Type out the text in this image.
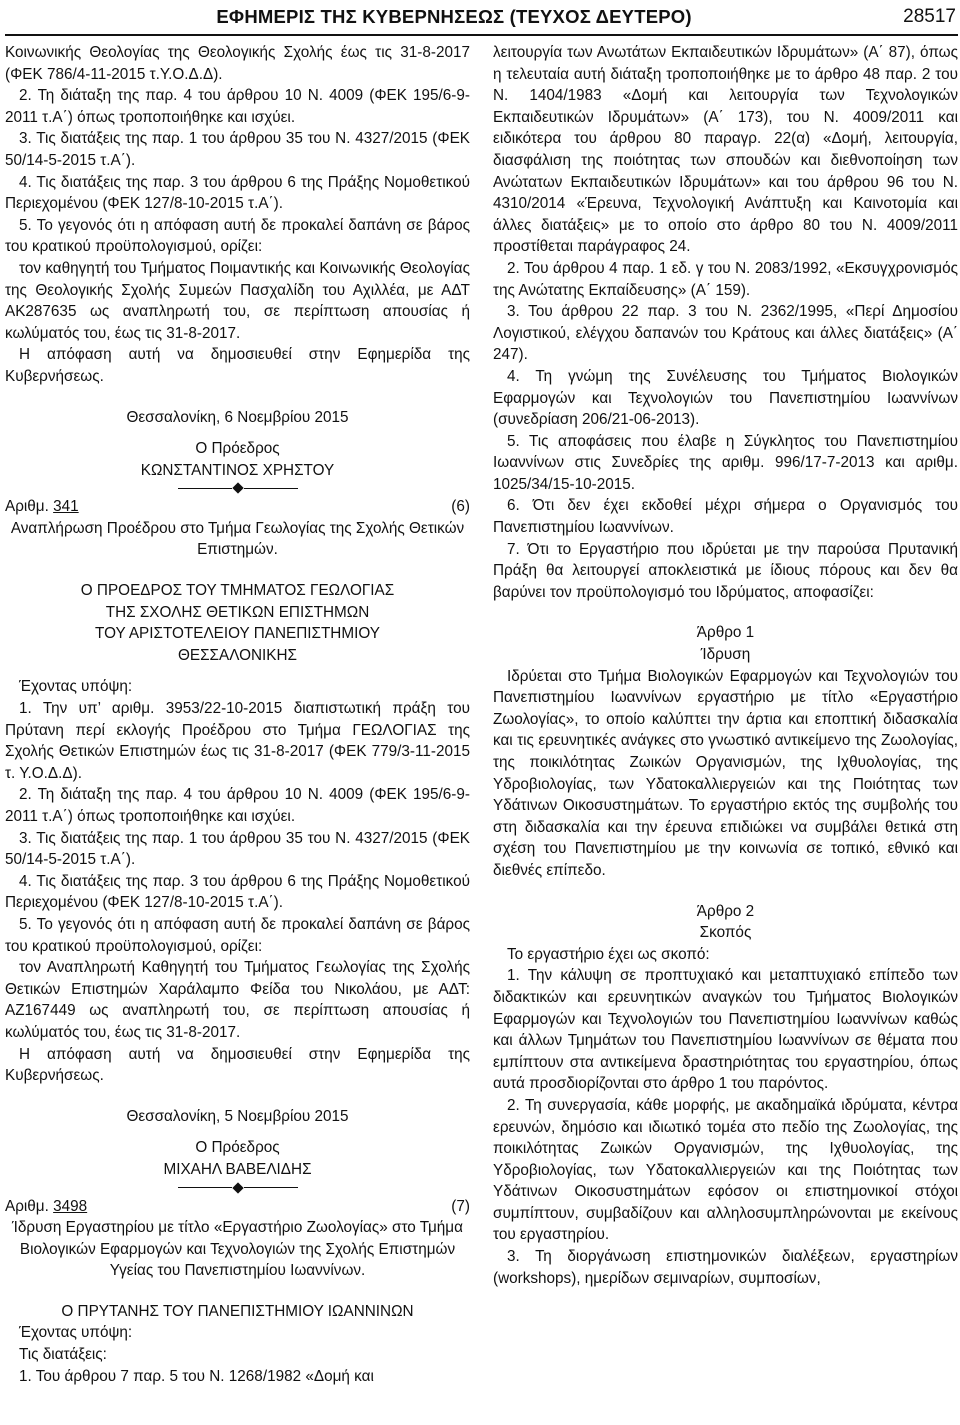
ΕΦΗΜΕΡΙΣ ΤΗΣ ΚΥΒΕΡΝΗΣΕΩΣ (ΤΕΥΧΟΣ ΔΕΥΤΕΡΟ)	28517

Κοινωνικής Θεολογίας της Θεολογικής Σχολής έως τις 31-8-2017 (ΦΕΚ 786/4-11-2015 τ.Υ.Ο.Δ.Δ).

2. Τη διάταξη της παρ. 4 του άρθρου 10 Ν. 4009 (ΦΕΚ 195/6-9-2011 τ.Α΄) όπως τροποποιήθηκε και ισχύει.

3. Τις διατάξεις της παρ. 1 του άρθρου 35 του Ν. 4327/2015 (ΦΕΚ 50/14-5-2015 τ.Α΄).

4. Τις διατάξεις της παρ. 3 του άρθρου 6 της Πράξης Νομοθετικού Περιεχομένου (ΦΕΚ 127/8-10-2015 τ.Α΄).

5. Το γεγονός ότι η απόφαση αυτή δε προκαλεί δαπάνη σε βάρος του κρατικού προϋπολογισμού, ορίζει:

τον καθηγητή του Τμήματος Ποιμαντικής και Κοινωνικής Θεολογίας της Θεολογικής Σχολής Συμεών Πασχαλίδη του Αχιλλέα, με ΑΔΤ ΑΚ287635 ως αναπληρωτή του, σε περίπτωση απουσίας ή κωλύματός του, έως τις 31-8-2017.

Η απόφαση αυτή να δημοσιευθεί στην Εφημερίδα της Κυβερνήσεως.

Θεσσαλονίκη, 6 Νοεμβρίου 2015

Ο Πρόεδρος

ΚΩΝΣΤΑΝΤΙΝΟΣ ΧΡΗΣΤΟΥ

Αριθμ. 341	(6)

Αναπλήρωση Προέδρου στο Τμήμα Γεωλογίας της Σχολής Θετικών Επιστημών.

Ο ΠΡΟΕΔΡΟΣ ΤΟΥ ΤΜΗΜΑΤΟΣ ΓΕΩΛΟΓΙΑΣ

ΤΗΣ ΣΧΟΛΗΣ ΘΕΤΙΚΩΝ ΕΠΙΣΤΗΜΩΝ

ΤΟΥ ΑΡΙΣΤΟΤΕΛΕΙΟΥ ΠΑΝΕΠΙΣΤΗΜΙΟΥ

ΘΕΣΣΑΛΟΝΙΚΗΣ

Έχοντας υπόψη:

1. Την υπ’ αριθμ. 3953/22-10-2015 διαπιστωτική πράξη του Πρύτανη περί εκλογής Προέδρου στο Τμήμα ΓΕΩΛΟΓΙΑΣ της Σχολής Θετικών Επιστημών έως τις 31-8-2017 (ΦΕΚ 779/3-11-2015 τ. Υ.Ο.Δ.Δ).

2. Τη διάταξη της παρ. 4 του άρθρου 10 Ν. 4009 (ΦΕΚ 195/6-9-2011 τ.Α΄) όπως τροποποιήθηκε και ισχύει.

3. Τις διατάξεις της παρ. 1 του άρθρου 35 του Ν. 4327/2015 (ΦΕΚ 50/14-5-2015 τ.Α΄).

4. Τις διατάξεις της παρ. 3 του άρθρου 6 της Πράξης Νομοθετικού Περιεχομένου (ΦΕΚ 127/8-10-2015 τ.Α΄).

5. Το γεγονός ότι η απόφαση αυτή δε προκαλεί δαπάνη σε βάρος του κρατικού προϋπολογισμού, ορίζει:

τον Αναπληρωτή Καθηγητή του Τμήματος Γεωλογίας της Σχολής Θετικών Επιστημών Χαράλαμπο Φείδα του Νικολάου, με ΑΔΤ: ΑΖ167449 ως αναπληρωτή του, σε περίπτωση απουσίας ή κωλύματός του, έως τις 31-8-2017.

Η απόφαση αυτή να δημοσιευθεί στην Εφημερίδα της Κυβερνήσεως.

Θεσσαλονίκη, 5 Νοεμβρίου 2015

Ο Πρόεδρος

ΜΙΧΑΗΛ ΒΑΒΕΛΙΔΗΣ

Αριθμ. 3498	(7)

Ίδρυση Εργαστηρίου με τίτλο «Εργαστήριο Ζωολογίας» στο Τμήμα Βιολογικών Εφαρμογών και Τεχνολογιών της Σχολής Επιστημών Υγείας του Πανεπιστημίου Ιωαννίνων.

Ο ΠΡΥΤΑΝΗΣ ΤΟΥ ΠΑΝΕΠΙΣΤΗΜΙΟΥ ΙΩΑΝΝΙΝΩΝ

Έχοντας υπόψη:

Τις διατάξεις:

1. Του άρθρου 7 παρ. 5 του Ν. 1268/1982 «Δομή και

λειτουργία των Ανωτάτων Εκπαιδευτικών Ιδρυμάτων» (Α΄ 87), όπως η τελευταία αυτή διάταξη τροποποιήθηκε με το άρθρο 48 παρ. 2 του Ν. 1404/1983 «Δομή και λειτουργία των Τεχνολογικών Εκπαιδευτικών Ιδρυμάτων» (Α΄ 173), του Ν. 4009/2011 και ειδικότερα του άρθρου 80 παραγρ. 22(α) «Δομή, λειτουργία, διασφάλιση της ποιότητας των σπουδών και διεθνοποίηση των Ανώτατων Εκπαιδευτικών Ιδρυμάτων» και του άρθρου 96 του Ν. 4310/2014 «Έρευνα, Τεχνολογική Ανάπτυξη και Καινοτομία και άλλες διατάξεις» με το οποίο στο άρθρο 80 του Ν. 4009/2011 προστίθεται παράγραφος 24.

2. Του άρθρου 4 παρ. 1 εδ. γ του Ν. 2083/1992, «Εκσυγχρονισμός της Ανώτατης Εκπαίδευσης» (Α΄ 159).

3. Του άρθρου 22 παρ. 3 του Ν. 2362/1995, «Περί Δημοσίου Λογιστικού, ελέγχου δαπανών του Κράτους και άλλες διατάξεις» (Α΄ 247).

4. Τη γνώμη της Συνέλευσης του Τμήματος Βιολογικών Εφαρμογών και Τεχνολογιών του Πανεπιστημίου Ιωαννίνων (συνεδρίαση 206/21-06-2013).

5. Τις αποφάσεις που έλαβε η Σύγκλητος του Πανεπιστημίου Ιωαννίνων στις Συνεδρίες της αριθμ. 996/17-7-2013 και αριθμ. 1025/34/15-10-2015.

6. Ότι δεν έχει εκδοθεί μέχρι σήμερα ο Οργανισμός του Πανεπιστημίου Ιωαννίνων.

7. Ότι το Εργαστήριο που ιδρύεται με την παρούσα Πρυτανική Πράξη θα λειτουργεί αποκλειστικά με ίδιους πόρους και δεν θα βαρύνει τον προϋπολογισμό του Ιδρύματος, αποφασίζει:

Άρθρο 1

Ίδρυση

Ιδρύεται στο Τμήμα Βιολογικών Εφαρμογών και Τεχνολογιών του Πανεπιστημίου Ιωαννίνων εργαστήριο με τίτλο «Εργαστήριο Ζωολογίας», το οποίο καλύπτει την άρτια και εποπτική διδασκαλία και τις ερευνητικές ανάγκες στο γνωστικό αντικείμενο της Ζωολογίας, της ποικιλότητας Ζωικών Οργανισμών, της Ιχθυολογίας, της Υδροβιολογίας, των Υδατοκαλλιεργειών και της Ποιότητας των Υδάτινων Οικοσυστημάτων. Το εργαστήριο εκτός της συμβολής του στη διδασκαλία και την έρευνα επιδιώκει να συμβάλει θετικά στη σχέση του Πανεπιστημίου με την κοινωνία σε τοπικό, εθνικό και διεθνές επίπεδο.

Άρθρο 2

Σκοπός

Το εργαστήριο έχει ως σκοπό:

1. Την κάλυψη σε προπτυχιακό και μεταπτυχιακό επίπεδο των διδακτικών και ερευνητικών αναγκών του Τμήματος Βιολογικών Εφαρμογών και Τεχνολογιών του Πανεπιστημίου Ιωαννίνων καθώς και άλλων Τμημάτων του Πανεπιστημίου Ιωαννίνων σε θέματα που εμπίπτουν στα αντικείμενα δραστηριότητας του εργαστηρίου, όπως αυτά προσδιορίζονται στο άρθρο 1 του παρόντος.

2. Τη συνεργασία, κάθε μορφής, με ακαδημαϊκά ιδρύματα, κέντρα ερευνών, δημόσιο και ιδιωτικό τομέα στο πεδίο της Ζωολογίας, της ποικιλότητας Ζωικών Οργανισμών, της Ιχθυολογίας, της Υδροβιολογίας, των Υδατοκαλλιεργειών και της Ποιότητας των Υδάτινων Οικοσυστημάτων εφόσον οι επιστημονικοί στόχοι συμπίπτουν, συμβαδίζουν και αλληλοσυμπληρώνονται με εκείνους του εργαστηρίου.

3. Τη διοργάνωση επιστημονικών διαλέξεων, εργαστηρίων (workshops), ημερίδων σεμιναρίων, συμποσίων,
